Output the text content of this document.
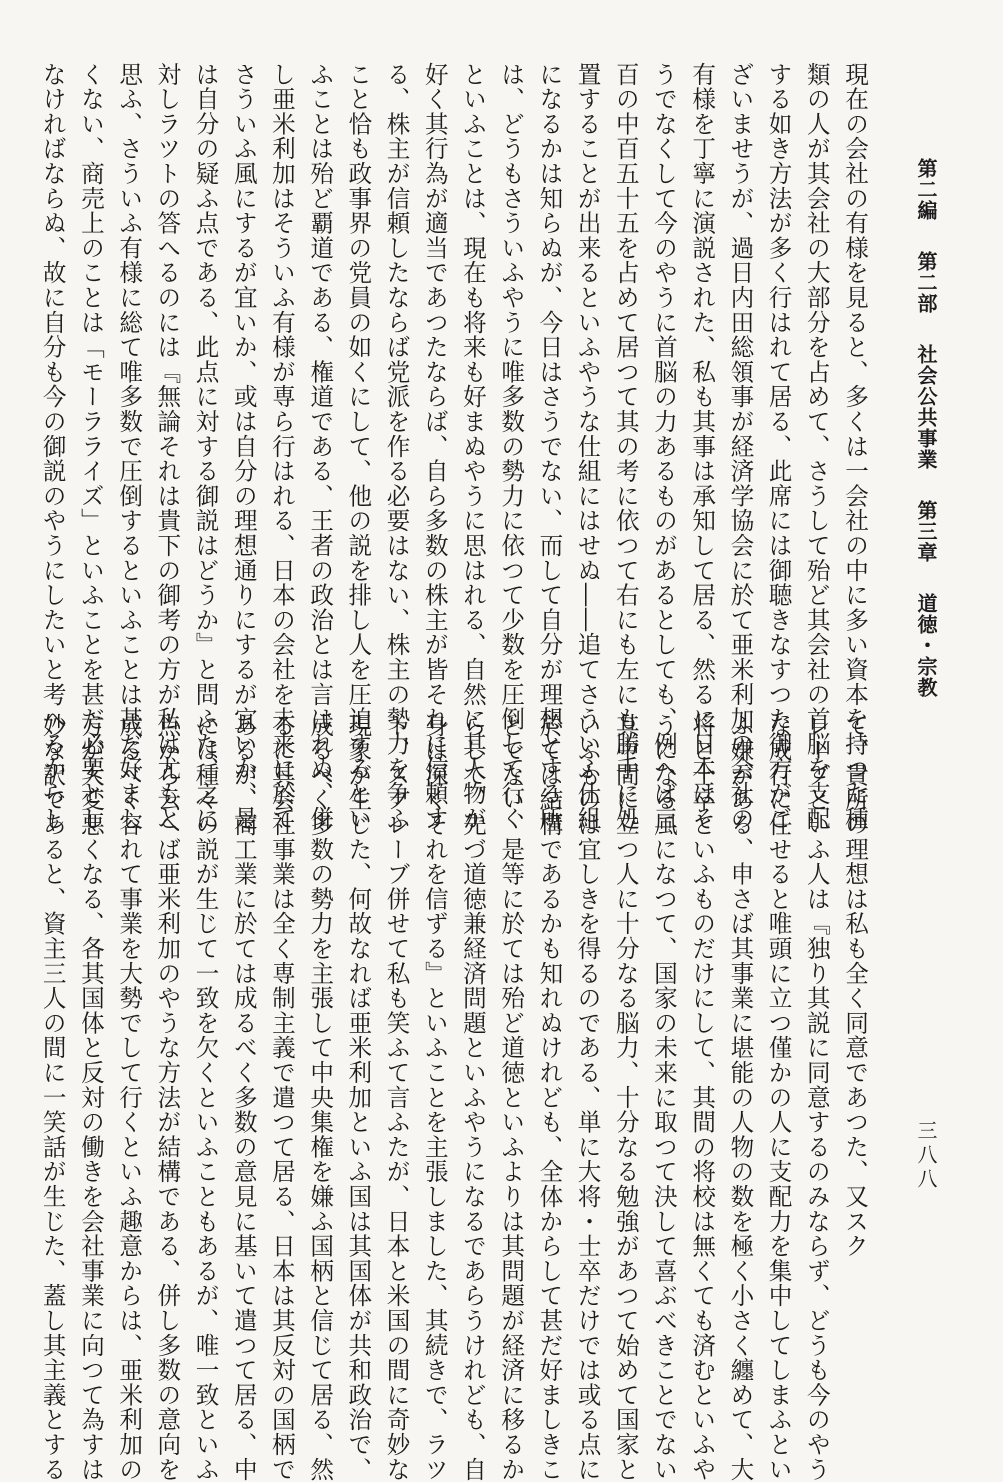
第二編 第二部 社会公共事業 第三章 道徳・宗教
三八八

現在の会社の有様を見ると、多くは一会社の中に多い資本を持つた種

類の人が其会社の大部分を占めて、さうして殆ど其会社の首脳を支配

する如き方法が多く行はれて居る、此席には御聴きなすつた御方がご

ざいませうが、過日内田総領事が経済学協会に於て亜米利加の会社の

有様を丁寧に演説された、私も其事は承知して居る、然るに日本はそ

うでなくして今のやうに首脳の力あるものがあるとしても、例へば三

百の中百五十五を占めて居つて其の考に依つて右にも左にも勝手に処

置することが出来るといふやうな仕組にはせぬ――追てさういふ仕組

になるかは知らぬが、今日はさうでない、而して自分が理想とする所

は、どうもさういふやうに唯多数の勢力に依つて少数を圧倒して行く

といふことは、現在も将来も好まぬやうに思はれる、自然に其人物が

好く其行為が適当であつたならば、自ら多数の株主が皆それに信頼す

る、株主が信頼したならば党派を作る必要はない、株主の勢力を争ふ

こと恰も政事界の党員の如くにして、他の説を排し人を圧迫するとい

ふことは殆ど覇道である、権道である、王者の政治とは言はれぬ、併

し亜米利加はそういふ有様が専ら行はれる、日本の会社を未来に於て

さういふ風にするが宜いか、或は自分の理想通りにするが宜いか、是

は自分の疑ふ点である、此点に対する御説はどうか』と問ふた、之に

対しラツトの答へるのには『無論それは貴下の御考の方が私は尤もと

思ふ、さういふ有様に総て唯多数で圧倒するといふことは甚だ好まし

くない、商売上のことは「モーラライズ」といふことを甚だ必要とし

なければならぬ、故に自分も今の御説のやうにしたいと考へるからし

て、貴所の理想は私も全く同意であつた、又スク

レーブといふ人は『独り其説に同意するのみならず、どうも今のやう

な成行に任せると唯頭に立つ僅かの人に支配力を集中してしまふとい

ふ嫌がある、申さば其事業に堪能の人物の数を極く小さく纏めて、大

将と士卒といふものだけにして、其間の将校は無くても済むといふや

うになる風になつて、国家の未来に取つて決して喜ぶべきことでない

其中間に立つ人に十分なる脳力、十分なる勉強があつて始めて国家と

いふものは宜しきを得るのである、単に大将・士卒だけでは或る点に

於ては結構であるかも知れぬけれども、全体からして甚だ好ましきこ

とでない、是等に於ては殆ど道徳といふよりは其問題が経済に移るか

らして、先づ道徳兼経済問題といふやうになるであらうけれども、自

身は深くそれを信ずる』といふことを主張しました、其続きで、ラツ

ト、スクレーブ併せて私も笑ふて言ふたが、日本と米国の間に奇妙な

現象が生じた、何故なれば亜米利加といふ国は其国体が共和政治で、

成るべく多数の勢力を主張して中央集権を嫌ふ国柄と信じて居る、然

るに其会社事業は全く専制主義で遣つて居る、日本は其反対の国柄で

あるが、商工業に於ては成るべく多数の意見に基いて遣つて居る、中

には種々の説が生じて一致を欠くといふこともあるが、唯一致といふ

点から云へば亜米利加のやうな方法が結構である、併し多数の意向を

成るべく容れて事業を大勢でして行くといふ趣意からは、亜米利加の

方が大変悪くなる、各其国体と反対の働きを会社事業に向つて為すは

妙な訳であると、資主三人の間に一笑話が生じた、蓋し其主義とする
